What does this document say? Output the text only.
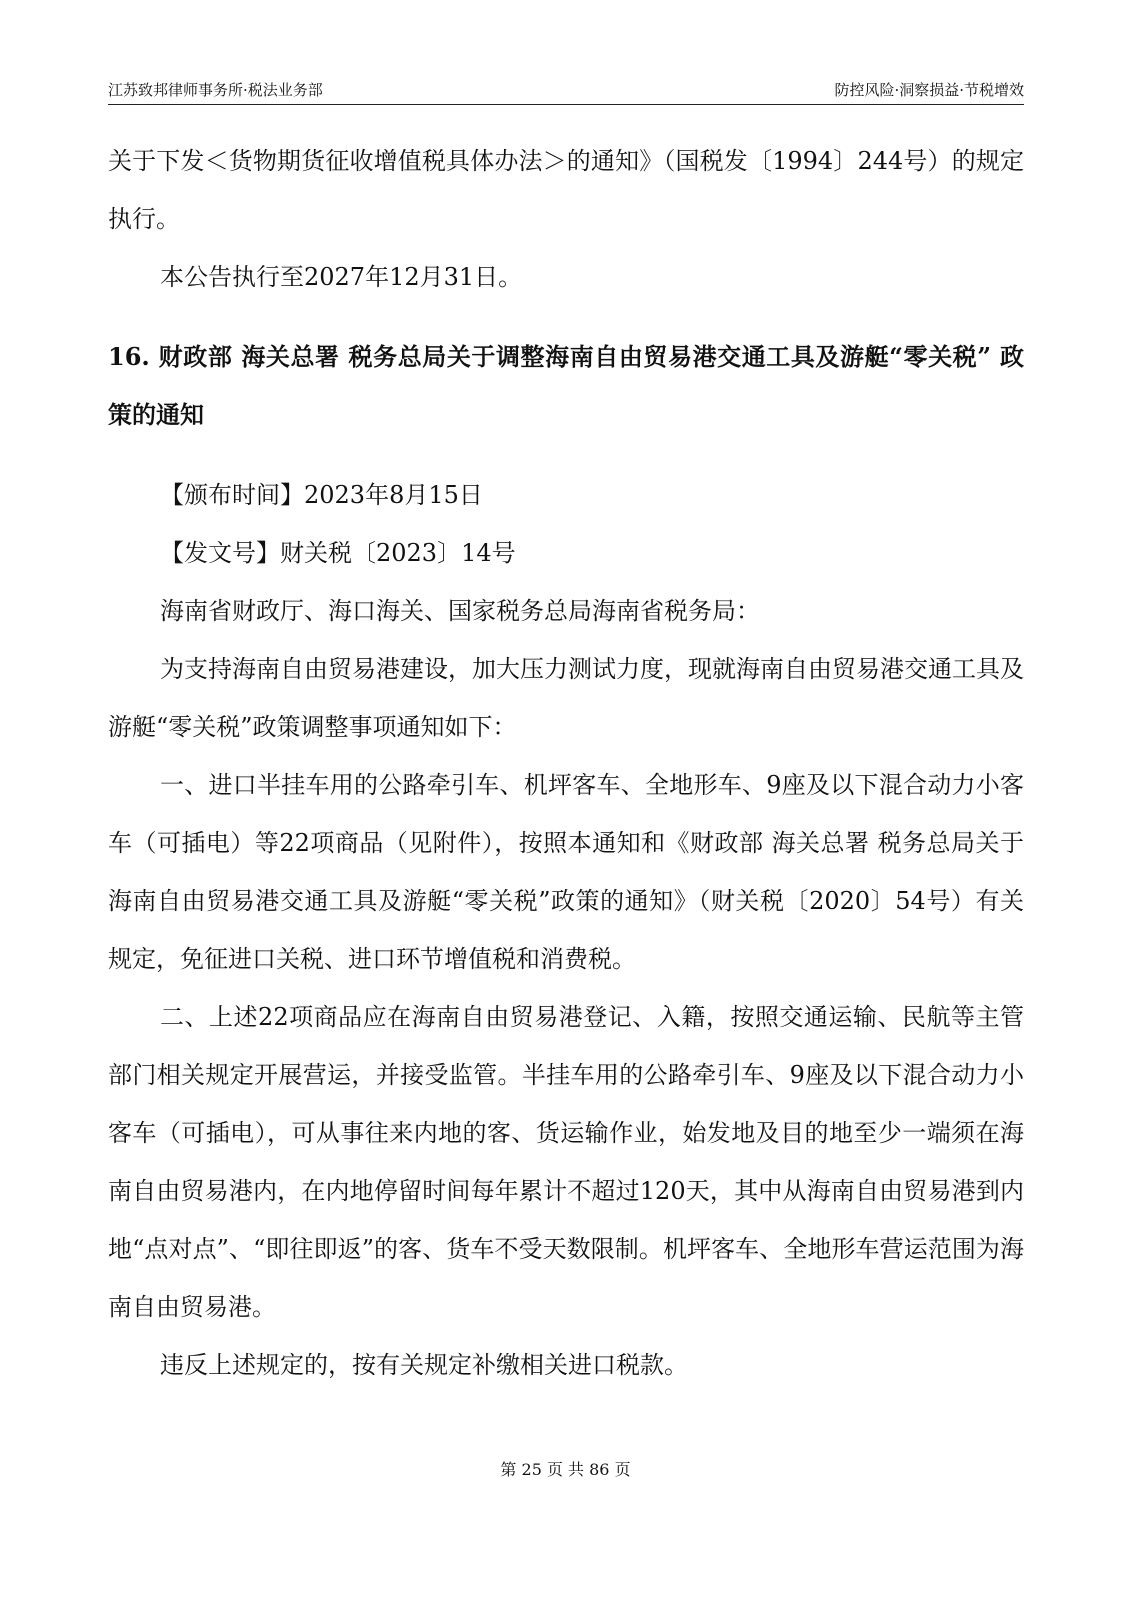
江苏致邦律师事务所·税法业务部	防控风险·洞察损益·节税增效

关于下发＜货物期货征收增值税具体办法＞的通知》（国税发〔1994〕244号）的规定执行。

本公告执行至2027年12月31日。

16. 财政部 海关总署 税务总局关于调整海南自由贸易港交通工具及游艇“零关税” 政策的通知

【颁布时间】2023年8月15日

【发文号】财关税〔2023〕14号

海南省财政厅、海口海关、国家税务总局海南省税务局：

为支持海南自由贸易港建设，加大压力测试力度，现就海南自由贸易港交通工具及游艇“零关税”政策调整事项通知如下：

一、进口半挂车用的公路牵引车、机坪客车、全地形车、9座及以下混合动力小客车（可插电）等22项商品（见附件），按照本通知和《财政部 海关总署 税务总局关于海南自由贸易港交通工具及游艇“零关税”政策的通知》（财关税〔2020〕54号）有关规定，免征进口关税、进口环节增值税和消费税。

二、上述22项商品应在海南自由贸易港登记、入籍，按照交通运输、民航等主管部门相关规定开展营运，并接受监管。半挂车用的公路牵引车、9座及以下混合动力小客车（可插电），可从事往来内地的客、货运输作业，始发地及目的地至少一端须在海南自由贸易港内，在内地停留时间每年累计不超过120天，其中从海南自由贸易港到内地“点对点”、“即往即返”的客、货车不受天数限制。机坪客车、全地形车营运范围为海南自由贸易港。

违反上述规定的，按有关规定补缴相关进口税款。

第 25 页 共 86 页
